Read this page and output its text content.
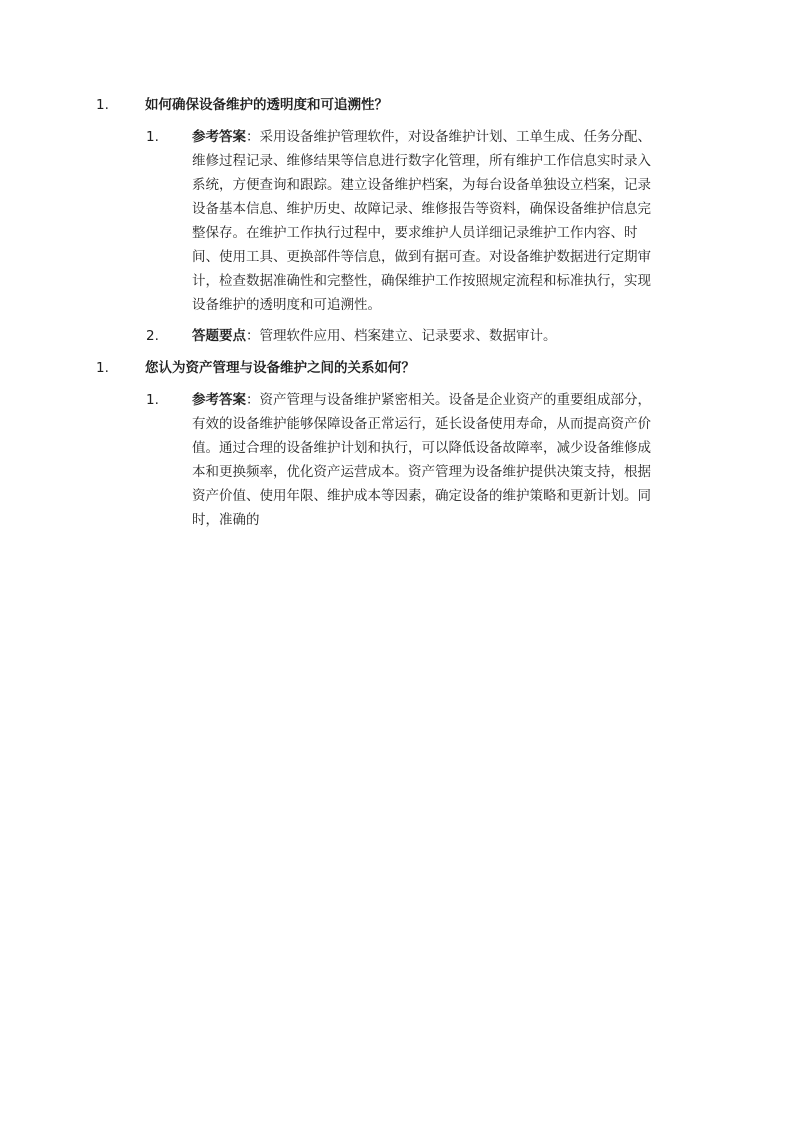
1.	如何确保设备维护的透明度和可追溯性？
1. 参考答案：采用设备维护管理软件，对设备维护计划、工单生成、任务分配、
维修过程记录、维修结果等信息进行数字化管理，所有维护工作信息实时录入
系统，方便查询和跟踪。建立设备维护档案，为每台设备单独设立档案，记录
设备基本信息、维护历史、故障记录、维修报告等资料，确保设备维护信息完
整保存。在维护工作执行过程中，要求维护人员详细记录维护工作内容、时
间、使用工具、更换部件等信息，做到有据可查。对设备维护数据进行定期审
计，检查数据准确性和完整性，确保维护工作按照规定流程和标准执行，实现
设备维护的透明度和可追溯性。
2. 答题要点：管理软件应用、档案建立、记录要求、数据审计。
1.	您认为资产管理与设备维护之间的关系如何？
1. 参考答案：资产管理与设备维护紧密相关。设备是企业资产的重要组成部分，
有效的设备维护能够保障设备正常运行，延长设备使用寿命，从而提高资产价
值。通过合理的设备维护计划和执行，可以降低设备故障率，减少设备维修成
本和更换频率，优化资产运营成本。资产管理为设备维护提供决策支持，根据
资产价值、使用年限、维护成本等因素，确定设备的维护策略和更新计划。同
时，准确的
